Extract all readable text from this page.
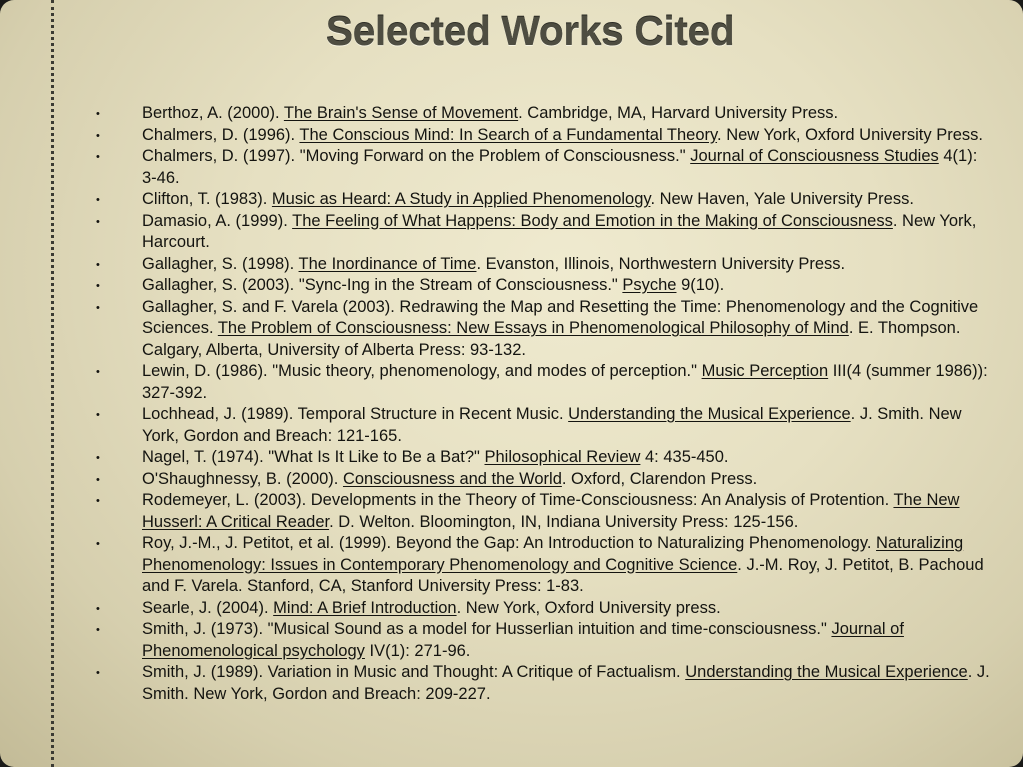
Selected Works Cited
•	Berthoz, A. (2000). The Brain's Sense of Movement. Cambridge, MA, Harvard University Press.
•	Chalmers, D. (1996). The Conscious Mind: In Search of a Fundamental Theory. New York, Oxford University Press.
•	Chalmers, D. (1997). "Moving Forward on the Problem of Consciousness." Journal of Consciousness Studies 4(1): 3-46.
•	Clifton, T. (1983). Music as Heard: A Study in Applied Phenomenology. New Haven, Yale University Press.
•	Damasio, A. (1999). The Feeling of What Happens: Body and Emotion in the Making of Consciousness. New York, Harcourt.
•	Gallagher, S. (1998). The Inordinance of Time. Evanston, Illinois, Northwestern University Press.
•	Gallagher, S. (2003). "Sync-Ing in the Stream of Consciousness." Psyche 9(10).
•	Gallagher, S. and F. Varela (2003). Redrawing the Map and Resetting the Time: Phenomenology and the Cognitive Sciences. The Problem of Consciousness: New Essays in Phenomenological Philosophy of Mind. E. Thompson. Calgary, Alberta, University of Alberta Press: 93-132.
•	Lewin, D. (1986). "Music theory, phenomenology, and modes of perception." Music Perception III(4 (summer 1986)): 327-392.
•	Lochhead, J. (1989). Temporal Structure in Recent Music. Understanding the Musical Experience. J. Smith. New York, Gordon and Breach: 121-165.
•	Nagel, T. (1974). "What Is It Like to Be a Bat?" Philosophical Review 4: 435-450.
•	O'Shaughnessy, B. (2000). Consciousness and the World. Oxford, Clarendon Press.
•	Rodemeyer, L. (2003). Developments in the Theory of Time-Consciousness: An Analysis of Protention. The New Husserl: A Critical Reader. D. Welton. Bloomington, IN, Indiana University Press: 125-156.
•	Roy, J.-M., J. Petitot, et al. (1999). Beyond the Gap: An Introduction to Naturalizing Phenomenology. Naturalizing Phenomenology: Issues in Contemporary Phenomenology and Cognitive Science. J.-M. Roy, J. Petitot, B. Pachoud and F. Varela. Stanford, CA, Stanford University Press: 1-83.
•	Searle, J. (2004). Mind: A Brief Introduction. New York, Oxford University press.
•	Smith, J. (1973). "Musical Sound as a model for Husserlian intuition and time-consciousness." Journal of Phenomenological psychology IV(1): 271-96.
•	Smith, J. (1989). Variation in Music and Thought: A Critique of Factualism. Understanding the Musical Experience. J. Smith. New York, Gordon and Breach: 209-227.
